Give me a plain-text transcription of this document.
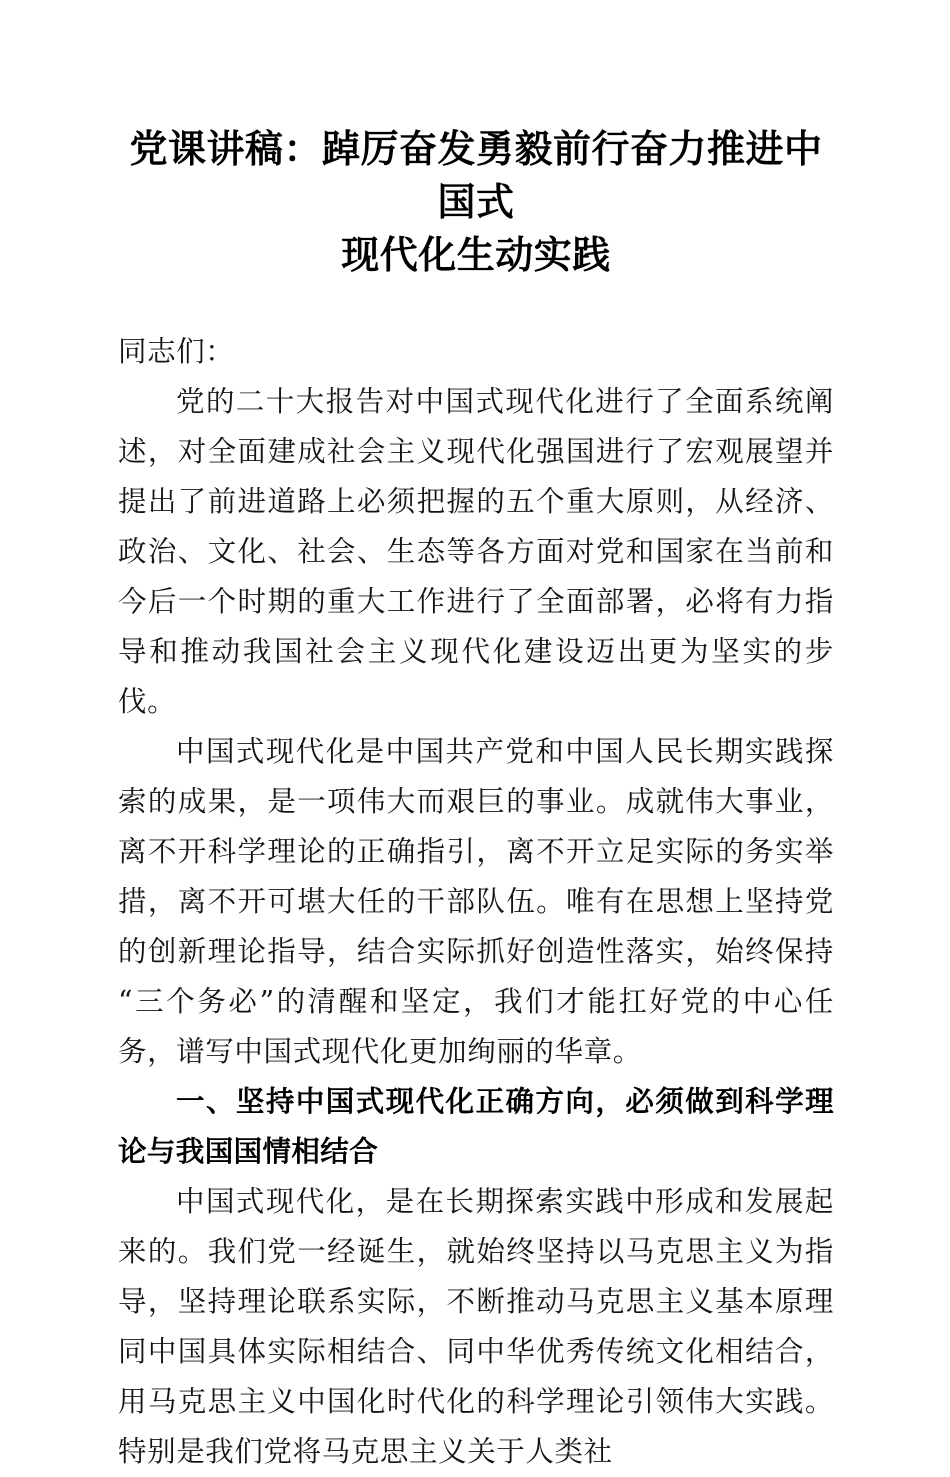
党课讲稿：踔厉奋发勇毅前行奋力推进中国式
现代化生动实践

同志们：

党的二十大报告对中国式现代化进行了全面系统阐述，对全面建成社会主义现代化强国进行了宏观展望并提出了前进道路上必须把握的五个重大原则，从经济、政治、文化、社会、生态等各方面对党和国家在当前和今后一个时期的重大工作进行了全面部署，必将有力指导和推动我国社会主义现代化建设迈出更为坚实的步伐。

中国式现代化是中国共产党和中国人民长期实践探索的成果，是一项伟大而艰巨的事业。成就伟大事业，离不开科学理论的正确指引，离不开立足实际的务实举措，离不开可堪大任的干部队伍。唯有在思想上坚持党的创新理论指导，结合实际抓好创造性落实，始终保持“三个务必”的清醒和坚定，我们才能扛好党的中心任务，谱写中国式现代化更加绚丽的华章。

一、坚持中国式现代化正确方向，必须做到科学理论与我国国情相结合

中国式现代化，是在长期探索实践中形成和发展起来的。我们党一经诞生，就始终坚持以马克思主义为指导，坚持理论联系实际，不断推动马克思主义基本原理同中国具体实际相结合、同中华优秀传统文化相结合，用马克思主义中国化时代化的科学理论引领伟大实践。特别是我们党将马克思主义关于人类社
